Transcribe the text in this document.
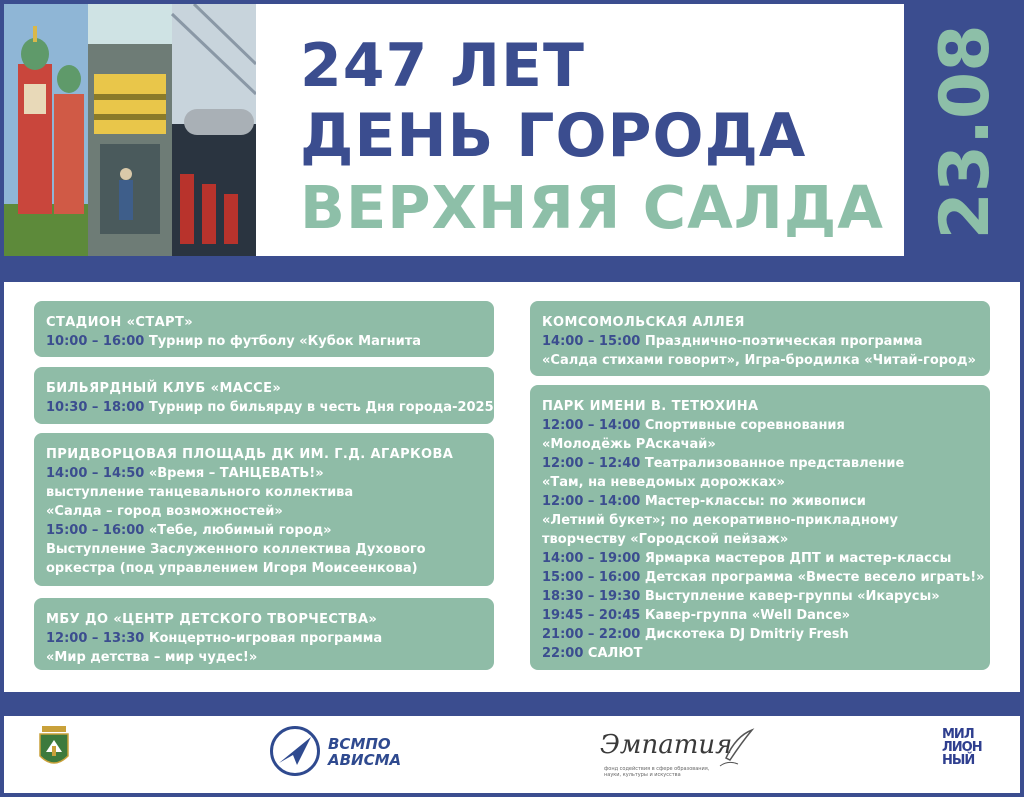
247 ЛЕТ
ДЕНЬ ГОРОДА
ВЕРХНЯЯ САЛДА 23.08
СТАДИОН «СТАРТ»
10:00 – 16:00 Турнир по футболу «Кубок Магнита
БИЛЬЯРДНЫЙ КЛУБ «МАССЕ»
10:30 – 18:00 Турнир по бильярду в честь Дня города-2025
ПРИДВОРЦОВАЯ ПЛОЩАДЬ ДК ИМ. Г.Д. АГАРКОВА
14:00 – 14:50 «Время – ТАНЦЕВАТЬ!»
выступление танцевального коллектива
«Салда – город возможностей»
15:00 – 16:00 «Тебе, любимый город»
Выступление Заслуженного коллектива Духового
оркестра (под управлением Игоря Моисеенкова)
МБУ ДО «ЦЕНТР ДЕТСКОГО ТВОРЧЕСТВА»
12:00 – 13:30 Концертно-игровая программа
«Мир детства – мир чудес!»
КОМСОМОЛЬСКАЯ АЛЛЕЯ
14:00 – 15:00 Празднично-поэтическая программа
«Салда стихами говорит», Игра-бродилка «Читай-город»
ПАРК ИМЕНИ В. ТЕТЮХИНА
12:00 – 14:00 Спортивные соревнования
«Молодёжь РАскачай»
12:00 – 12:40 Театрализованное представление
«Там, на неведомых дорожках»
12:00 – 14:00 Мастер-классы: по живописи
«Летний букет»; по декоративно-прикладному
творчеству «Городской пейзаж»
14:00 – 19:00 Ярмарка мастеров ДПТ и мастер-классы
15:00 – 16:00 Детская программа «Вместе весело играть!»
18:30 – 19:30 Выступление кавер-группы «Икарусы»
19:45 – 20:45 Кавер-группа «Well Dance»
21:00 – 22:00 Дискотека DJ Dmitriy Fresh
22:00 САЛЮТ
ВСМПО
АВИСМА	Эмпатия
фонд содействия в сфере образования, науки, культуры и искусства
МИЛ
ЛИОН
НЫЙ
